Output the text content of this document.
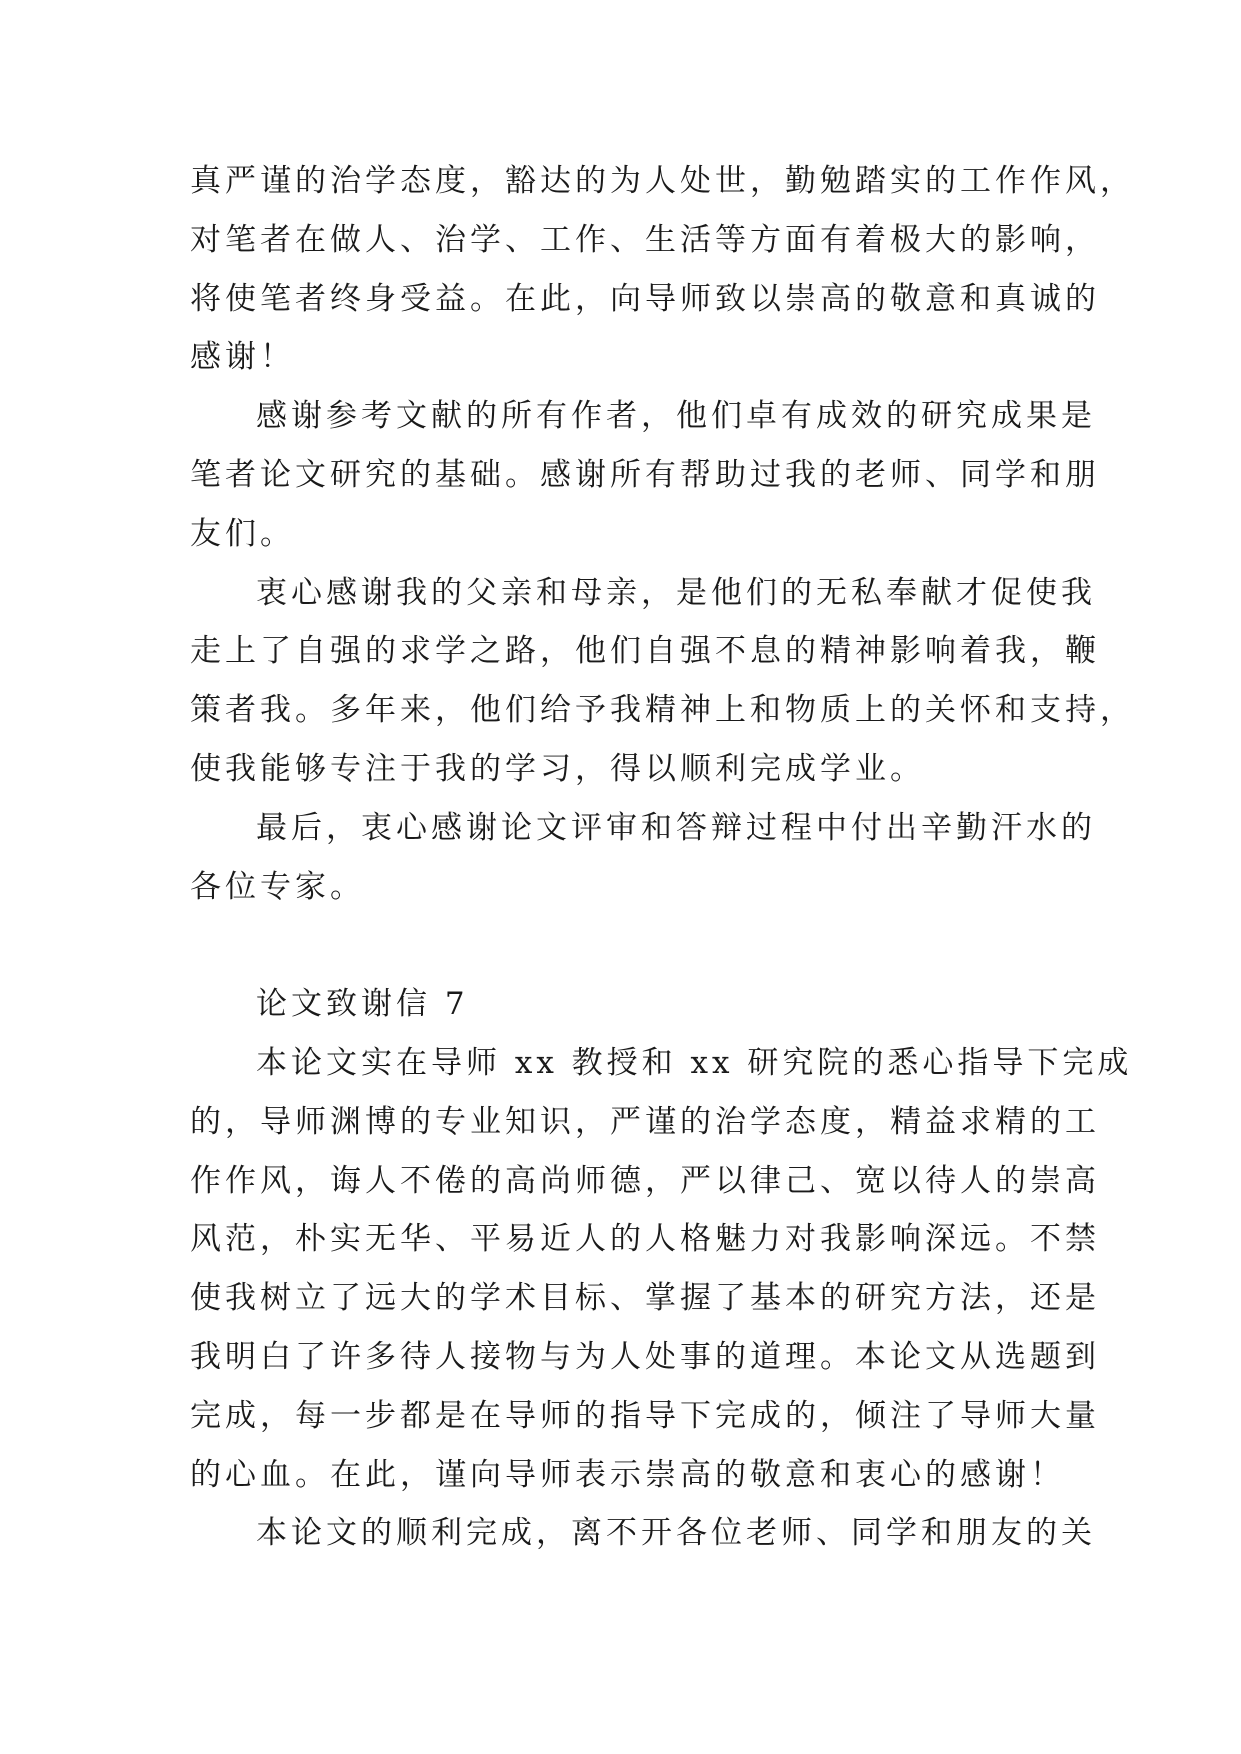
真严谨的治学态度，豁达的为人处世，勤勉踏实的工作作风，
对笔者在做人、治学、工作、生活等方面有着极大的影响，
将使笔者终身受益。在此，向导师致以崇高的敬意和真诚的
感谢！
感谢参考文献的所有作者，他们卓有成效的研究成果是
笔者论文研究的基础。感谢所有帮助过我的老师、同学和朋
友们。
衷心感谢我的父亲和母亲，是他们的无私奉献才促使我
走上了自强的求学之路，他们自强不息的精神影响着我，鞭
策者我。多年来，他们给予我精神上和物质上的关怀和支持，
使我能够专注于我的学习，得以顺利完成学业。
最后，衷心感谢论文评审和答辩过程中付出辛勤汗水的
各位专家。
论文致谢信 7
本论文实在导师 xx 教授和 xx 研究院的悉心指导下完成
的，导师渊博的专业知识，严谨的治学态度，精益求精的工
作作风，诲人不倦的高尚师德，严以律己、宽以待人的崇高
风范，朴实无华、平易近人的人格魅力对我影响深远。不禁
使我树立了远大的学术目标、掌握了基本的研究方法，还是
我明白了许多待人接物与为人处事的道理。本论文从选题到
完成，每一步都是在导师的指导下完成的，倾注了导师大量
的心血。在此，谨向导师表示崇高的敬意和衷心的感谢！
本论文的顺利完成，离不开各位老师、同学和朋友的关
